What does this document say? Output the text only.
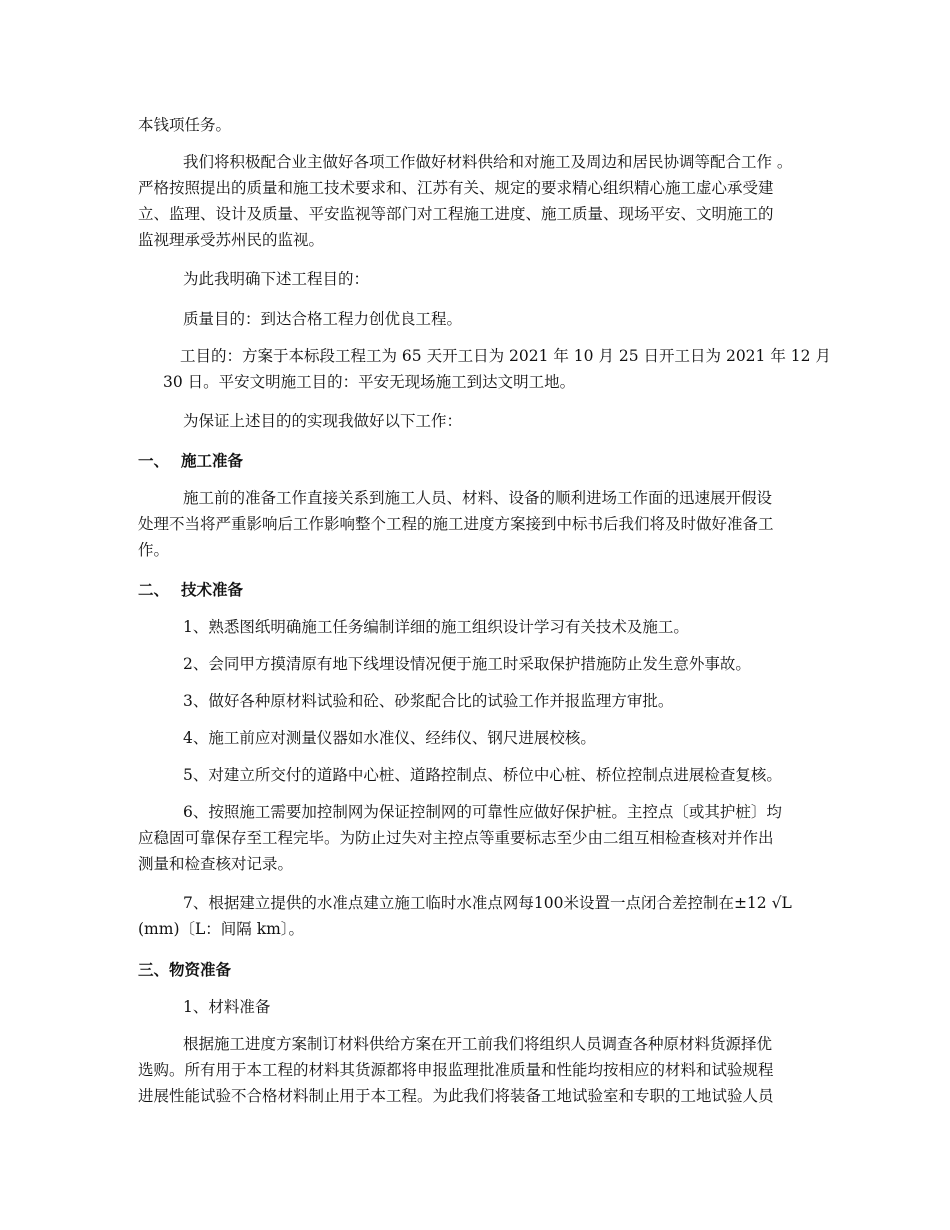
本钱项任务。

我们将积极配合业主做好各项工作做好材料供给和对施工及周边和居民协调等配合工作 。
严格按照提出的质量和施工技术要求和、江苏有关、规定的要求精心组织精心施工虚心承受建
立、监理、设计及质量、平安监视等部门对工程施工进度、施工质量、现场平安、文明施工的
监视理承受苏州民的监视。

为此我明确下述工程目的：

质量目的：到达合格工程力创优良工程。

工目的：方案于本标段工程工为 65 天开工日为 2021 年 10 月 25 日开工日为 2021 年 12 月
30 日。平安文明施工目的：平安无现场施工到达文明工地。

为保证上述目的的实现我做好以下工作：

一、 施工准备

施工前的准备工作直接关系到施工人员、材料、设备的顺利进场工作面的迅速展开假设
处理不当将严重影响后工作影响整个工程的施工进度方案接到中标书后我们将及时做好准备工
作。

二、 技术准备

1、熟悉图纸明确施工任务编制详细的施工组织设计学习有关技术及施工。

2、会同甲方摸清原有地下线埋设情况便于施工时采取保护措施防止发生意外事故。

3、做好各种原材料试验和砼、砂浆配合比的试验工作并报监理方审批。

4、施工前应对测量仪器如水准仪、经纬仪、钢尺进展校核。

5、对建立所交付的道路中心桩、道路控制点、桥位中心桩、桥位控制点进展检查复核。

6、按照施工需要加控制网为保证控制网的可靠性应做好保护桩。主控点〔或其护桩〕均
应稳固可靠保存至工程完毕。为防止过失对主控点等重要标志至少由二组互相检查核对并作出
测量和检查核对记录。

7、根据建立提供的水准点建立施工临时水准点网每100米设置一点闭合差控制在±12 √L
(mm)〔L：间隔 km〕。

三、物资准备

1、材料准备

根据施工进度方案制订材料供给方案在开工前我们将组织人员调查各种原材料货源择优
选购。所有用于本工程的材料其货源都将申报监理批准质量和性能均按相应的材料和试验规程
进展性能试验不合格材料制止用于本工程。为此我们将装备工地试验室和专职的工地试验人员
